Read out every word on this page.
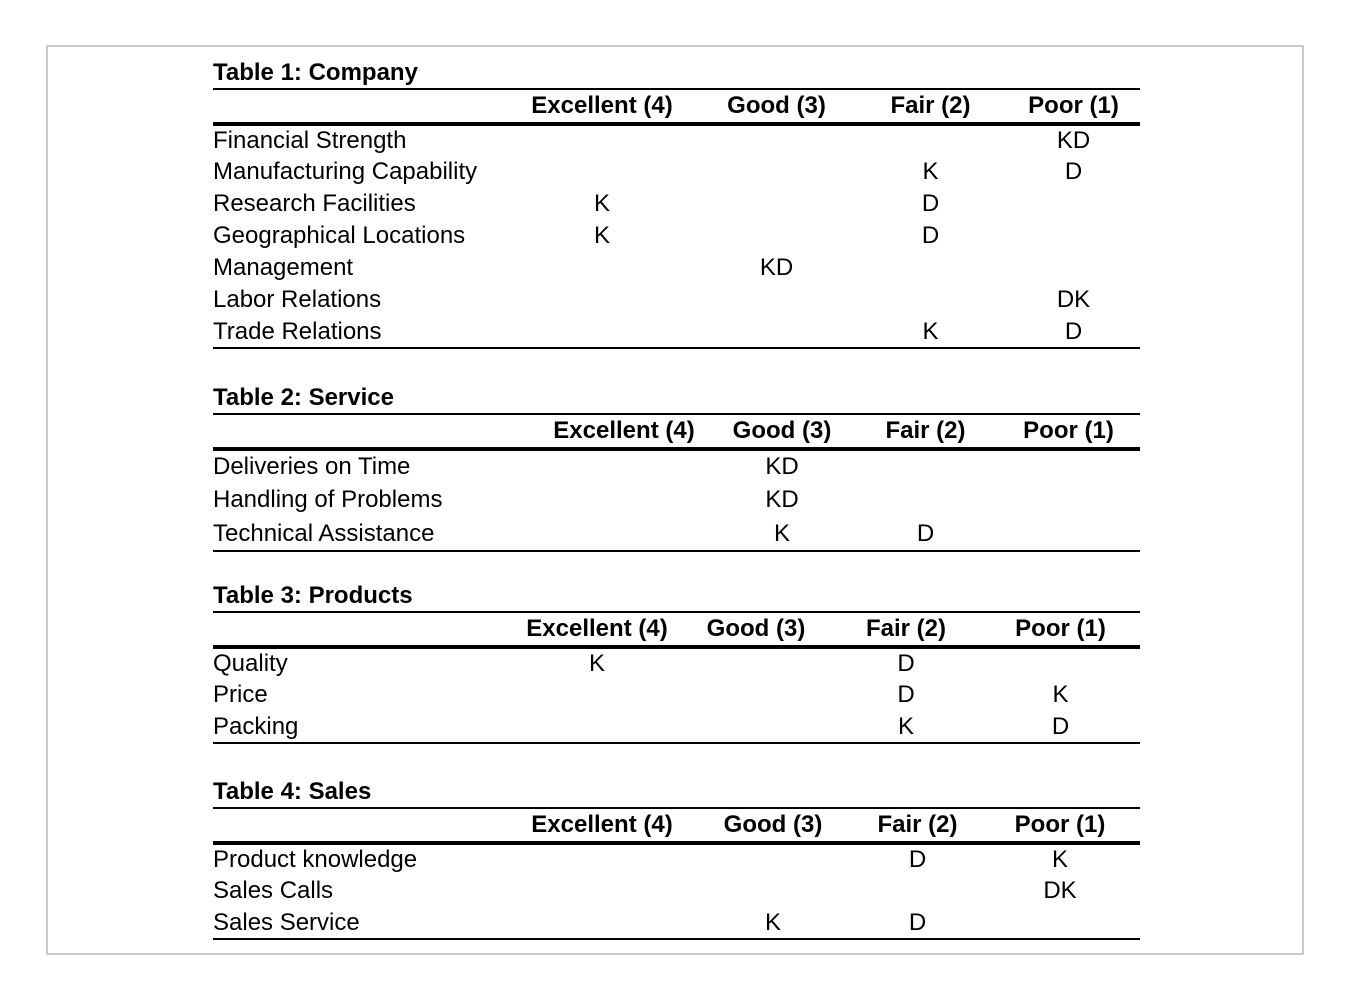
Table 1: Company
	Excellent (4)	Good (3)	Fair (2)	Poor (1)
Financial Strength				KD
Manufacturing Capability			K	D
Research Facilities	K		D	
Geographical Locations	K		D	
Management		KD		
Labor Relations				DK
Trade Relations			K	D
Table 2: Service
	Excellent (4)	Good (3)	Fair (2)	Poor (1)
Deliveries on Time		KD		
Handling of Problems		KD		
Technical Assistance		K	D	
Table 3: Products
	Excellent (4)	Good (3)	Fair (2)	Poor (1)
Quality	K		D	
Price			D	K
Packing			K	D
Table 4: Sales
	Excellent (4)	Good (3)	Fair (2)	Poor (1)
Product knowledge			D	K
Sales Calls				DK
Sales Service		K	D	
